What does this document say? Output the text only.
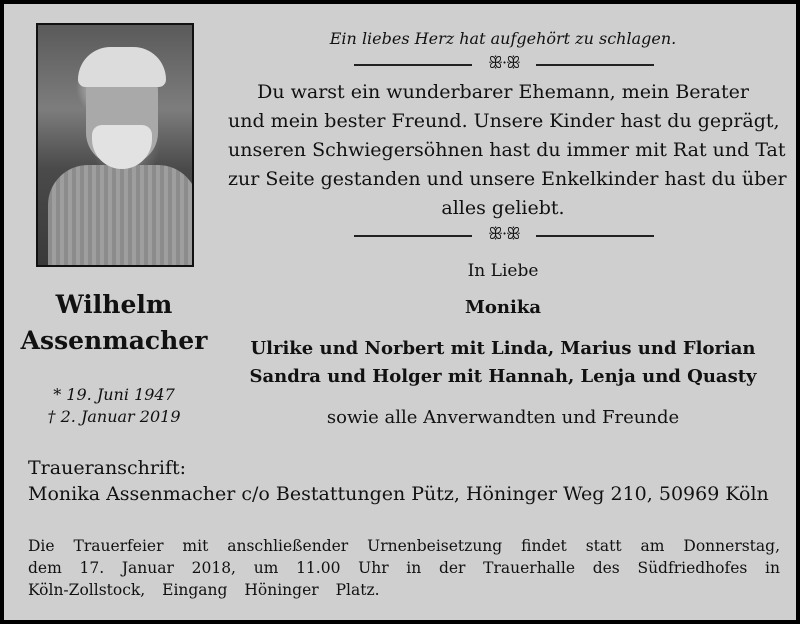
Wilhelm
Assenmacher
* 19. Juni 1947
† 2. Januar 2019
Ein liebes Herz hat aufgehört zu schlagen.
ꕥ·ꕥ
Du warst ein wunderbarer Ehemann, mein Berater
und mein bester Freund. Unsere Kinder hast du geprägt,
unseren Schwiegersöhnen hast du immer mit Rat und Tat
zur Seite gestanden und unsere Enkelkinder hast du über
alles geliebt.
ꕥ·ꕥ
In Liebe
Monika
Ulrike und Norbert mit Linda, Marius und Florian
Sandra und Holger mit Hannah, Lenja und Quasty
sowie alle Anverwandten und Freunde
Traueranschrift:
Monika Assenmacher c/o Bestattungen Pütz, Höninger Weg 210, 50969 Köln
Die Trauerfeier mit anschließender Urnenbeisetzung findet statt am Donnerstag,
dem 17. Januar 2018, um 11.00 Uhr in der Trauerhalle des Südfriedhofes in
Köln-Zollstock, Eingang Höninger Platz.
